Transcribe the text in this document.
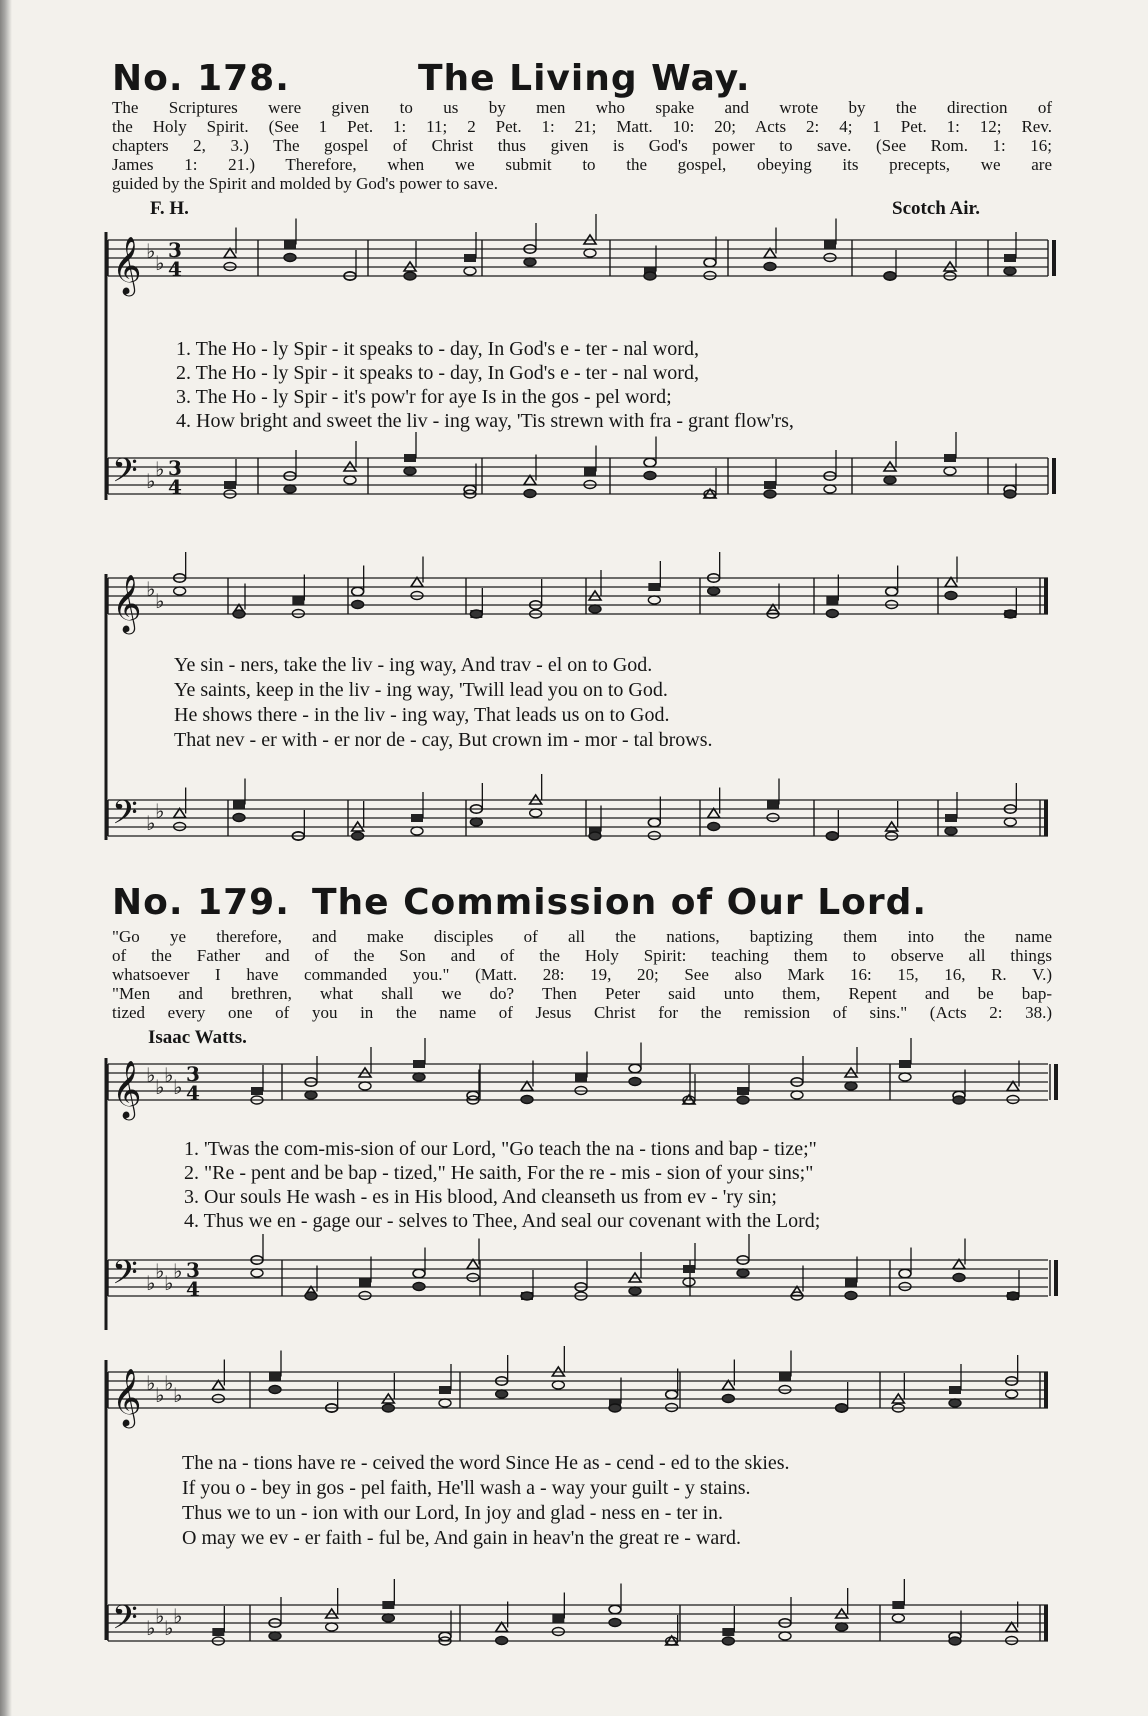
No. 178.	The Living Way.
The Scriptures were given to us by men who spake and wrote by the direction of
the Holy Spirit. (See 1 Pet. 1: 11; 2 Pet. 1: 21; Matt. 10: 20; Acts 2: 4; 1 Pet. 1: 12; Rev.
chapters 2, 3.) The gospel of Christ thus given is God's power to save. (See Rom. 1: 16;
James 1: 21.) Therefore, when we submit to the gospel, obeying its precepts, we are
guided by the Spirit and molded by God's power to save.
F. H.	Scotch Air.
1. The Ho - ly Spir - it speaks to - day, In God's e - ter - nal word,
2. The Ho - ly Spir - it speaks to - day, In God's e - ter - nal word,
3. The Ho - ly Spir - it's pow'r for aye Is in the gos - pel word;
4. How bright and sweet the liv - ing way, 'Tis strewn with fra - grant flow'rs,
Ye sin - ners, take the liv - ing way, And trav - el on to God.
Ye saints, keep in the liv - ing way, 'Twill lead you on to God.
He shows there - in the liv - ing way, That leads us on to God.
That nev - er with - er nor de - cay, But crown im - mor - tal brows.
No. 179. The Commission of Our Lord.
"Go ye therefore, and make disciples of all the nations, baptizing them into the name
of the Father and of the Son and of the Holy Spirit: teaching them to observe all things
whatsoever I have commanded you." (Matt. 28: 19, 20; See also Mark 16: 15, 16, R. V.)
"Men and brethren, what shall we do? Then Peter said unto them, Repent and be bap-
tized every one of you in the name of Jesus Christ for the remission of sins." (Acts 2: 38.)
Isaac Watts.
1. 'Twas the com-mis-sion of our Lord, "Go teach the na - tions and bap - tize;"
2. "Re - pent and be bap - tized," He saith, For the re - mis - sion of your sins;"
3. Our souls He wash - es in His blood, And cleanseth us from ev - 'ry sin;
4. Thus we en - gage our - selves to Thee, And seal our covenant with the Lord;
The na - tions have re - ceived the word Since He as - cend - ed to the skies.
If you o - bey in gos - pel faith, He'll wash a - way your guilt - y stains.
Thus we to un - ion with our Lord, In joy and glad - ness en - ter in.
O may we ev - er faith - ful be, And gain in heav'n the great re - ward.
𝄞 ♭ ♭
3
4
𝄢 ♭ ♭ 3
4
𝄞 ♭ ♭
𝄢 ♭ ♭
𝄞 ♭ ♭ ♭ ♭
3
4
𝄢 ♭ ♭ ♭ ♭ 3
4
𝄞 ♭ ♭ ♭ ♭
𝄢 ♭ ♭ ♭ ♭
